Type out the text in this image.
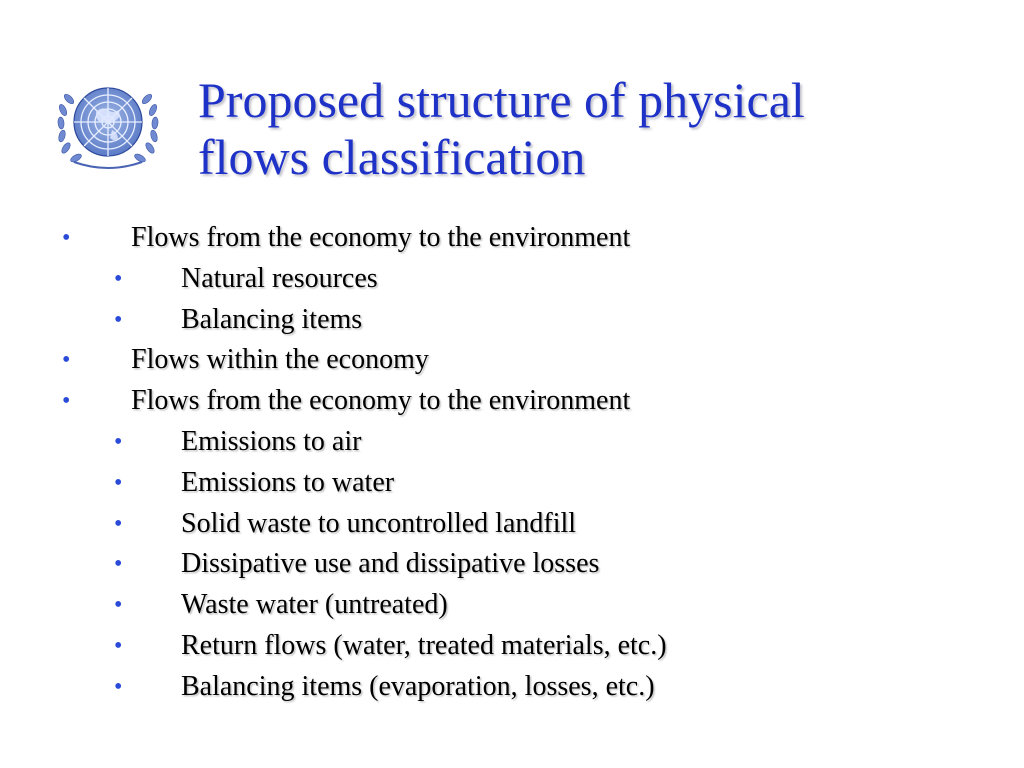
Proposed structure of physical
flows classification
• Flows from the economy to the environment
• Natural resources
• Balancing items
• Flows within the economy
• Flows from the economy to the environment
• Emissions to air
• Emissions to water
• Solid waste to uncontrolled landfill
• Dissipative use and dissipative losses
• Waste water (untreated)
• Return flows (water, treated materials, etc.)
• Balancing items (evaporation, losses, etc.)
